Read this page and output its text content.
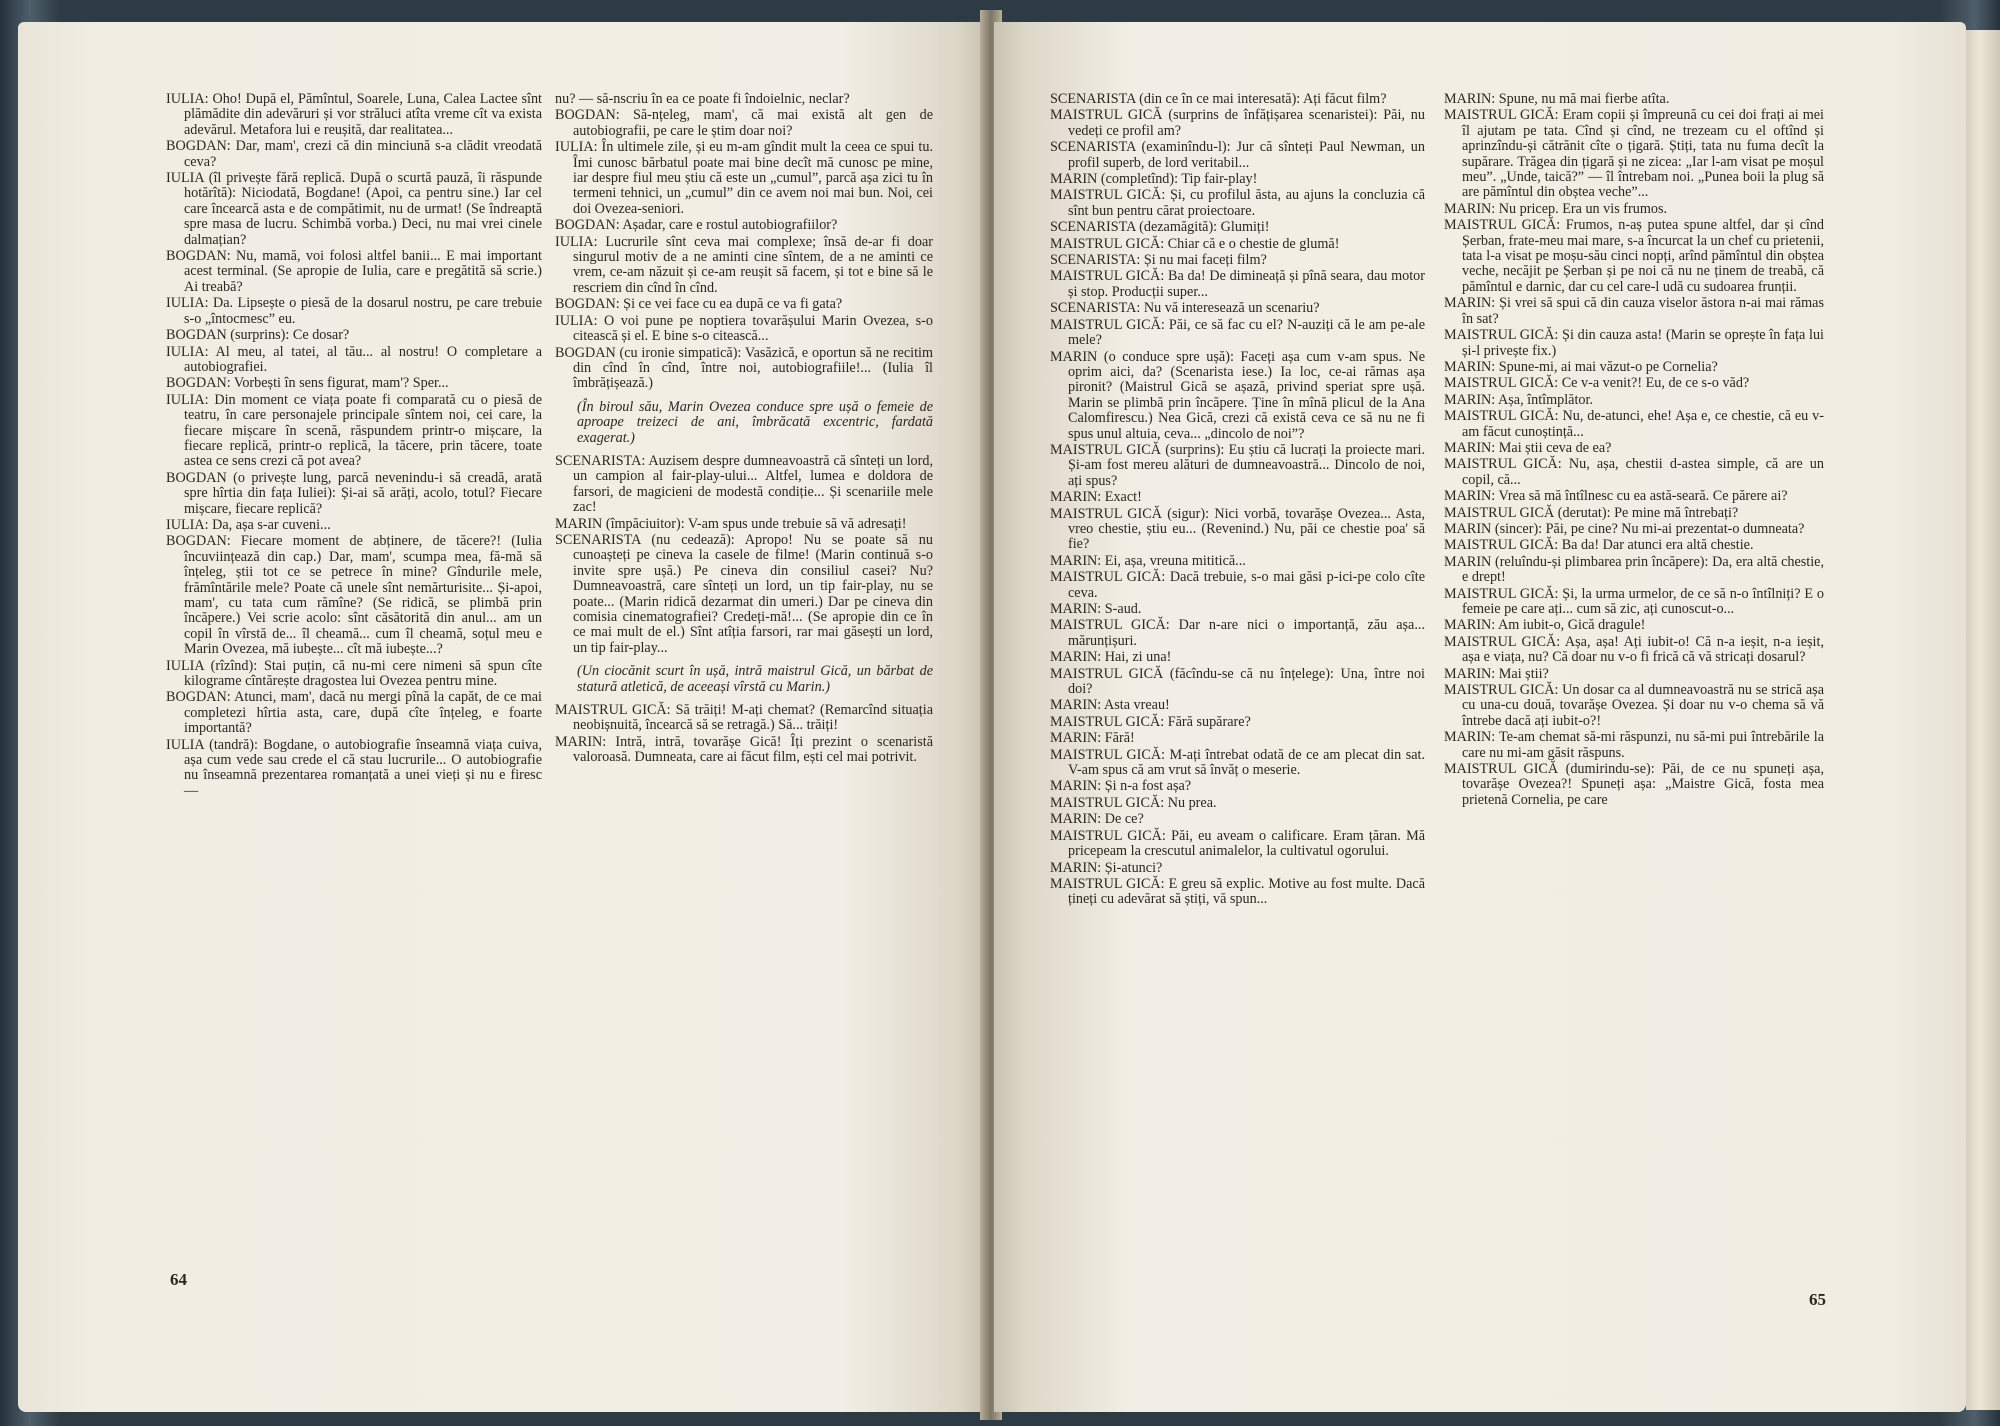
IULIA: Oho! După el, Pămîntul, Soarele, Luna, Calea Lactee sînt plămădite din adevăruri și vor străluci atîta vreme cît va exista adevărul. Metafora lui e reușită, dar realitatea...

BOGDAN: Dar, mam', crezi că din minciună s-a clădit vreodată ceva?

IULIA (îl privește fără replică. După o scurtă pauză, îi răspunde hotărîtă): Niciodată, Bogdane! (Apoi, ca pentru sine.) Iar cel care încearcă asta e de compătimit, nu de urmat! (Se îndreaptă spre masa de lucru. Schimbă vorba.) Deci, nu mai vrei cinele dalmațian?

BOGDAN: Nu, mamă, voi folosi altfel banii... E mai important acest terminal. (Se apropie de Iulia, care e pregătită să scrie.) Ai treabă?

IULIA: Da. Lipsește o piesă de la dosarul nostru, pe care trebuie s-o „întocmesc” eu.

BOGDAN (surprins): Ce dosar?

IULIA: Al meu, al tatei, al tău... al nostru! O completare a autobiografiei.

BOGDAN: Vorbești în sens figurat, mam'? Sper...

IULIA: Din moment ce viața poate fi comparată cu o piesă de teatru, în care personajele principale sîntem noi, cei care, la fiecare mișcare în scenă, răspundem printr-o mișcare, la fiecare replică, printr-o replică, la tăcere, prin tăcere, toate astea ce sens crezi că pot avea?

BOGDAN (o privește lung, parcă nevenindu-i să creadă, arată spre hîrtia din fața Iuliei): Și-ai să arăți, acolo, totul? Fiecare mișcare, fiecare replică?

IULIA: Da, așa s-ar cuveni...

BOGDAN: Fiecare moment de abținere, de tăcere?! (Iulia încuviințează din cap.) Dar, mam', scumpa mea, fă-mă să înțeleg, știi tot ce se petrece în mine? Gîndurile mele, frămîntările mele? Poate că unele sînt nemărturisite... Și-apoi, mam', cu tata cum rămîne? (Se ridică, se plimbă prin încăpere.) Vei scrie acolo: sînt căsătorită din anul... am un copil în vîrstă de... îl cheamă... cum îl cheamă, soțul meu e Marin Ovezea, mă iubește... cît mă iubește...?

IULIA (rîzînd): Stai puțin, că nu-mi cere nimeni să spun cîte kilograme cîntărește dragostea lui Ovezea pentru mine.

BOGDAN: Atunci, mam', dacă nu mergi pînă la capăt, de ce mai completezi hîrtia asta, care, după cîte înțeleg, e foarte importantă?

IULIA (tandră): Bogdane, o autobiografie înseamnă viața cuiva, așa cum vede sau crede el că stau lucrurile... O autobiografie nu înseamnă prezentarea romanțată a unei vieți și nu e firesc —

nu? — să-nscriu în ea ce poate fi îndoielnic, neclar?

BOGDAN: Să-nțeleg, mam', că mai există alt gen de autobiografii, pe care le știm doar noi?

IULIA: În ultimele zile, și eu m-am gîndit mult la ceea ce spui tu. Îmi cunosc bărbatul poate mai bine decît mă cunosc pe mine, iar despre fiul meu știu că este un „cumul”, parcă așa zici tu în termeni tehnici, un „cumul” din ce avem noi mai bun. Noi, cei doi Ovezea-seniori.

BOGDAN: Așadar, care e rostul autobiografiilor?

IULIA: Lucrurile sînt ceva mai complexe; însă de-ar fi doar singurul motiv de a ne aminti cine sîntem, de a ne aminti ce vrem, ce-am năzuit și ce-am reușit să facem, și tot e bine să le rescriem din cînd în cînd.

BOGDAN: Și ce vei face cu ea după ce va fi gata?

IULIA: O voi pune pe noptiera tovarășului Marin Ovezea, s-o citească și el. E bine s-o citească...

BOGDAN (cu ironie simpatică): Vasăzică, e oportun să ne recitim din cînd în cînd, între noi, autobiografiile!... (Iulia îl îmbrățișează.)

(În biroul său, Marin Ovezea conduce spre ușă o femeie de aproape treizeci de ani, îmbrăcată excentric, fardată exagerat.)

SCENARISTA: Auzisem despre dumneavoastră că sînteți un lord, un campion al fair-play-ului... Altfel, lumea e doldora de farsori, de magicieni de modestă condiție... Și scenariile mele zac!

MARIN (împăciuitor): V-am spus unde trebuie să vă adresați!

SCENARISTA (nu cedează): Apropo! Nu se poate să nu cunoașteți pe cineva la casele de filme! (Marin continuă s-o invite spre ușă.) Pe cineva din consiliul casei? Nu? Dumneavoastră, care sînteți un lord, un tip fair-play, nu se poate... (Marin ridică dezarmat din umeri.) Dar pe cineva din comisia cinematografiei? Credeți-mă!... (Se apropie din ce în ce mai mult de el.) Sînt atîția farsori, rar mai găsești un lord, un tip fair-play...

(Un ciocănit scurt în ușă, intră maistrul Gică, un bărbat de statură atletică, de aceeași vîrstă cu Marin.)

MAISTRUL GICĂ: Să trăiți! M-ați chemat? (Remarcînd situația neobișnuită, încearcă să se retragă.) Să... trăiți!

MARIN: Intră, intră, tovarășe Gică! Îți prezint o scenaristă valoroasă. Dumneata, care ai făcut film, ești cel mai potrivit.

64

SCENARISTA (din ce în ce mai interesată): Ați făcut film?

MAISTRUL GICĂ (surprins de înfățișarea scenaristei): Păi, nu vedeți ce profil am?

SCENARISTA (examinîndu-l): Jur că sînteți Paul Newman, un profil superb, de lord veritabil...

MARIN (completînd): Tip fair-play!

MAISTRUL GICĂ: Și, cu profilul ăsta, au ajuns la concluzia că sînt bun pentru cărat proiectoare.

SCENARISTA (dezamăgită): Glumiți!

MAISTRUL GICĂ: Chiar că e o chestie de glumă!

SCENARISTA: Și nu mai faceți film?

MAISTRUL GICĂ: Ba da! De dimineață și pînă seara, dau motor și stop. Producții super...

SCENARISTA: Nu vă interesează un scenariu?

MAISTRUL GICĂ: Păi, ce să fac cu el? N-auziți că le am pe-ale mele?

MARIN (o conduce spre ușă): Faceți așa cum v-am spus. Ne oprim aici, da? (Scenarista iese.) Ia loc, ce-ai rămas așa pironit? (Maistrul Gică se așază, privind speriat spre ușă. Marin se plimbă prin încăpere. Ține în mînă plicul de la Ana Calomfirescu.) Nea Gică, crezi că există ceva ce să nu ne fi spus unul altuia, ceva... „dincolo de noi”?

MAISTRUL GICĂ (surprins): Eu știu că lucrați la proiecte mari. Și-am fost mereu alături de dumneavoastră... Dincolo de noi, ați spus?

MARIN: Exact!

MAISTRUL GICĂ (sigur): Nici vorbă, tovarășe Ovezea... Asta, vreo chestie, știu eu... (Revenind.) Nu, păi ce chestie poa' să fie?

MARIN: Ei, așa, vreuna mititică...

MAISTRUL GICĂ: Dacă trebuie, s-o mai găsi p-ici-pe colo cîte ceva.

MARIN: S-aud.

MAISTRUL GICĂ: Dar n-are nici o importanță, zău așa... mărunțișuri.

MARIN: Hai, zi una!

MAISTRUL GICĂ (făcîndu-se că nu înțelege): Una, între noi doi?

MARIN: Asta vreau!

MAISTRUL GICĂ: Fără supărare?

MARIN: Fără!

MAISTRUL GICĂ: M-ați întrebat odată de ce am plecat din sat. V-am spus că am vrut să învăț o meserie.

MARIN: Și n-a fost așa?

MAISTRUL GICĂ: Nu prea.

MARIN: De ce?

MAISTRUL GICĂ: Păi, eu aveam o calificare. Eram țăran. Mă pricepeam la crescutul animalelor, la cultivatul ogorului.

MARIN: Și-atunci?

MAISTRUL GICĂ: E greu să explic. Motive au fost multe. Dacă țineți cu adevărat să știți, vă spun...

MARIN: Spune, nu mă mai fierbe atîta.

MAISTRUL GICĂ: Eram copii și împreună cu cei doi frați ai mei îl ajutam pe tata. Cînd și cînd, ne trezeam cu el oftînd și aprinzîndu-și cătrănit cîte o țigară. Știți, tata nu fuma decît la supărare. Trăgea din țigară și ne zicea: „Iar l-am visat pe moșul meu”. „Unde, taică?” — îl întrebam noi. „Punea boii la plug să are pămîntul din obștea veche”...

MARIN: Nu pricep. Era un vis frumos.

MAISTRUL GICĂ: Frumos, n-aș putea spune altfel, dar și cînd Șerban, frate-meu mai mare, s-a încurcat la un chef cu prietenii, tata l-a visat pe moșu-său cinci nopți, arînd pămîntul din obștea veche, necăjit pe Șerban și pe noi că nu ne ținem de treabă, că pămîntul e darnic, dar cu cel care-l udă cu sudoarea frunții.

MARIN: Și vrei să spui că din cauza viselor ăstora n-ai mai rămas în sat?

MAISTRUL GICĂ: Și din cauza asta! (Marin se oprește în fața lui și-l privește fix.)

MARIN: Spune-mi, ai mai văzut-o pe Cornelia?

MAISTRUL GICĂ: Ce v-a venit?! Eu, de ce s-o văd?

MARIN: Așa, întîmplător.

MAISTRUL GICĂ: Nu, de-atunci, ehe! Așa e, ce chestie, că eu v-am făcut cunoștință...

MARIN: Mai știi ceva de ea?

MAISTRUL GICĂ: Nu, așa, chestii d-astea simple, că are un copil, că...

MARIN: Vrea să mă întîlnesc cu ea astă-seară. Ce părere ai?

MAISTRUL GICĂ (derutat): Pe mine mă întrebați?

MARIN (sincer): Păi, pe cine? Nu mi-ai prezentat-o dumneata?

MAISTRUL GICĂ: Ba da! Dar atunci era altă chestie.

MARIN (reluîndu-și plimbarea prin încăpere): Da, era altă chestie, e drept!

MAISTRUL GICĂ: Și, la urma urmelor, de ce să n-o întîlniți? E o femeie pe care ați... cum să zic, ați cunoscut-o...

MARIN: Am iubit-o, Gică dragule!

MAISTRUL GICĂ: Așa, așa! Ați iubit-o! Că n-a ieșit, n-a ieșit, așa e viața, nu? Că doar nu v-o fi frică că vă stricați dosarul?

MARIN: Mai știi?

MAISTRUL GICĂ: Un dosar ca al dumneavoastră nu se strică așa cu una-cu două, tovarășe Ovezea. Și doar nu v-o chema să vă întrebe dacă ați iubit-o?!

MARIN: Te-am chemat să-mi răspunzi, nu să-mi pui întrebările la care nu mi-am găsit răspuns.

MAISTRUL GICĂ (dumirindu-se): Păi, de ce nu spuneți așa, tovarășe Ovezea?! Spuneți așa: „Maistre Gică, fosta mea prietenă Cornelia, pe care

65
